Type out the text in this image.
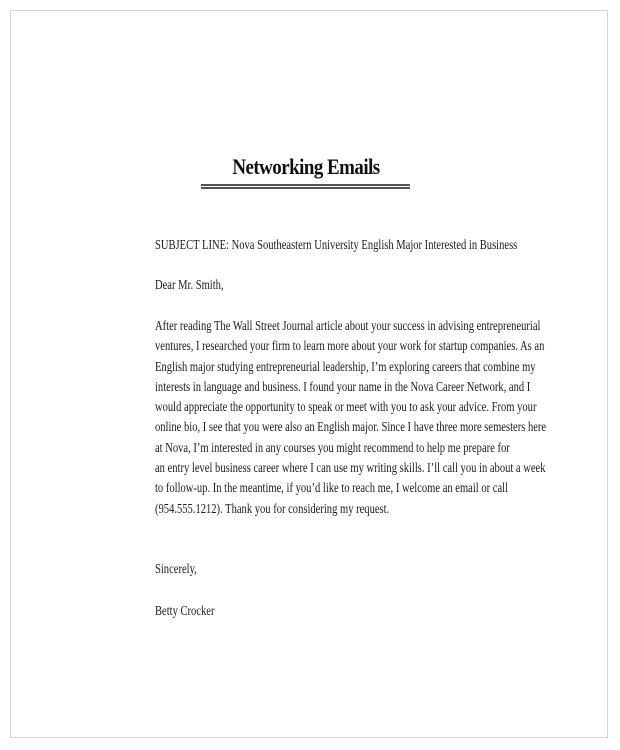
Networking Emails
SUBJECT LINE: Nova Southeastern University English Major Interested in Business
Dear Mr. Smith,
After reading The Wall Street Journal article about your success in advising entrepreneurial
ventures, I researched your firm to learn more about your work for startup companies. As an
English major studying entrepreneurial leadership, I’m exploring careers that combine my
interests in language and business. I found your name in the Nova Career Network, and I
would appreciate the opportunity to speak or meet with you to ask your advice. From your
online bio, I see that you were also an English major. Since I have three more semesters here
at Nova, I’m interested in any courses you might recommend to help me prepare for
an entry level business career where I can use my writing skills. I’ll call you in about a week
to follow-up. In the meantime, if you’d like to reach me, I welcome an email or call
(954.555.1212). Thank you for considering my request.
Sincerely,
Betty Crocker
